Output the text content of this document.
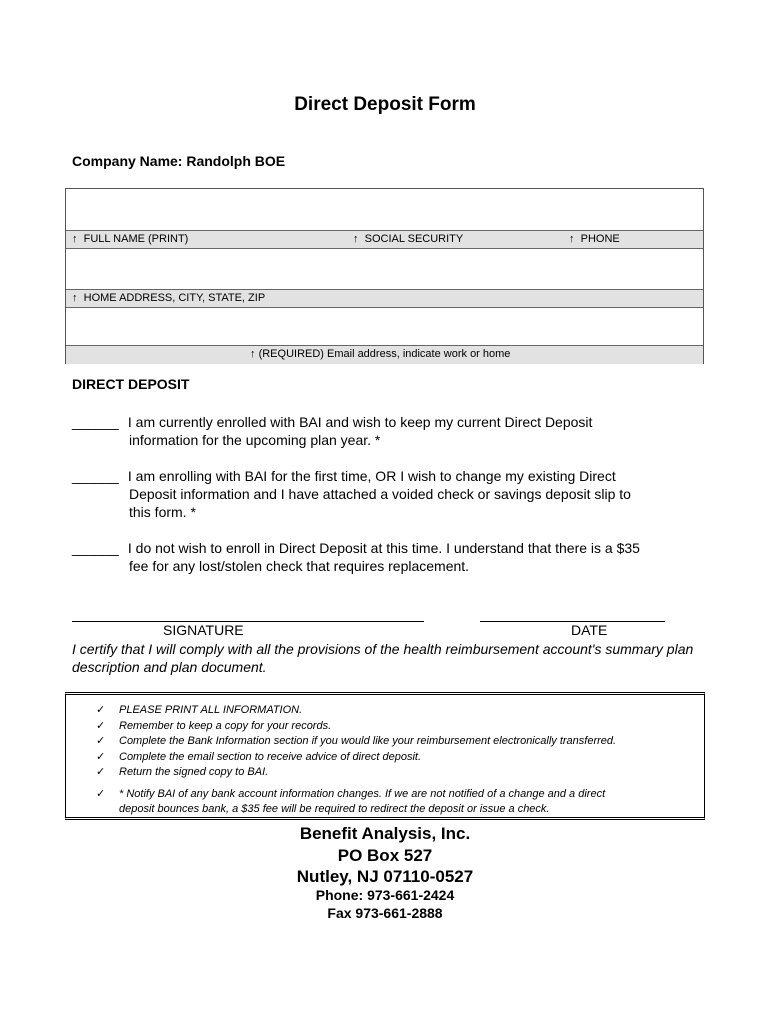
Direct Deposit Form
Company Name: Randolph BOE
↑ FULL NAME (PRINT)	↑ SOCIAL SECURITY	↑ PHONE
↑ HOME ADDRESS, CITY, STATE, ZIP
↑ (REQUIRED) Email address, indicate work or home
DIRECT DEPOSIT
______ I am currently enrolled with BAI and wish to keep my current Direct Deposit
information for the upcoming plan year. *
______ I am enrolling with BAI for the first time, OR I wish to change my existing Direct
Deposit information and I have attached a voided check or savings deposit slip to
this form. *
______ I do not wish to enroll in Direct Deposit at this time. I understand that there is a $35
fee for any lost/stolen check that requires replacement.
SIGNATURE	DATE
I certify that I will comply with all the provisions of the health reimbursement account's summary plan description and plan document.
✓ PLEASE PRINT ALL INFORMATION.
✓ Remember to keep a copy for your records.
✓ Complete the Bank Information section if you would like your reimbursement electronically transferred.
✓ Complete the email section to receive advice of direct deposit.
✓ Return the signed copy to BAI.
✓ * Notify BAI of any bank account information changes. If we are not notified of a change and a direct
deposit bounces bank, a $35 fee will be required to redirect the deposit or issue a check.
Benefit Analysis, Inc.
PO Box 527
Nutley, NJ 07110-0527
Phone: 973-661-2424
Fax 973-661-2888
